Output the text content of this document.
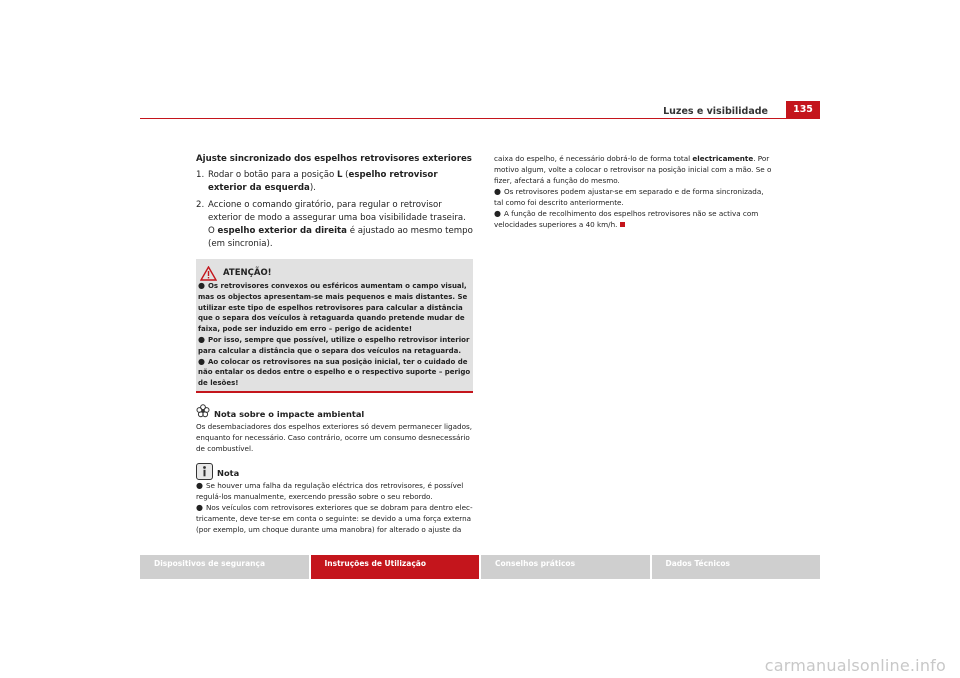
Luzes e visibilidade	135

Ajuste sincronizado dos espelhos retrovisores exteriores

1. Rodar o botão para a posição L (espelho retrovisor exterior da esquerda).
2. Accione o comando giratório, para regular o retrovisor exterior de modo a assegurar uma boa visibilidade traseira. O espelho exterior da direita é ajustado ao mesmo tempo (em sincronia).
ATENÇÃO!

● Os retrovisores convexos ou esféricos aumentam o campo visual, mas os objectos apresentam-se mais pequenos e mais distantes. Se utilizar este tipo de espelhos retrovisores para calcular a distância que o separa dos veículos à retaguarda quando pretende mudar de faixa, pode ser induzido em erro – perigo de acidente!

● Por isso, sempre que possível, utilize o espelho retrovisor interior para calcular a distância que o separa dos veículos na retaguarda.

● Ao colocar os retrovisores na sua posição inicial, ter o cuidado de não entalar os dedos entre o espelho e o respectivo suporte – perigo de lesões!

Nota sobre o impacte ambiental

Os desembaciadores dos espelhos exteriores só devem permanecer ligados, enquanto for necessário. Caso contrário, ocorre um consumo desnecessário de combustível.

Nota

● Se houver uma falha da regulação eléctrica dos retrovisores, é possível regulá-los manualmente, exercendo pressão sobre o seu rebordo.

● Nos veículos com retrovisores exteriores que se dobram para dentro electricamente, deve ter-se em conta o seguinte: se devido a uma força externa (por exemplo, um choque durante uma manobra) for alterado o ajuste da

caixa do espelho, é necessário dobrá-lo de forma total electricamente. Por motivo algum, volte a colocar o retrovisor na posição inicial com a mão. Se o fizer, afectará a função do mesmo.

● Os retrovisores podem ajustar-se em separado e de forma sincronizada, tal como foi descrito anteriormente.

● A função de recolhimento dos espelhos retrovisores não se activa com velocidades superiores a 40 km/h.

Dispositivos de segurança	Instruções de Utilização	Conselhos práticos	Dados Técnicos
carmanualsonline.info
